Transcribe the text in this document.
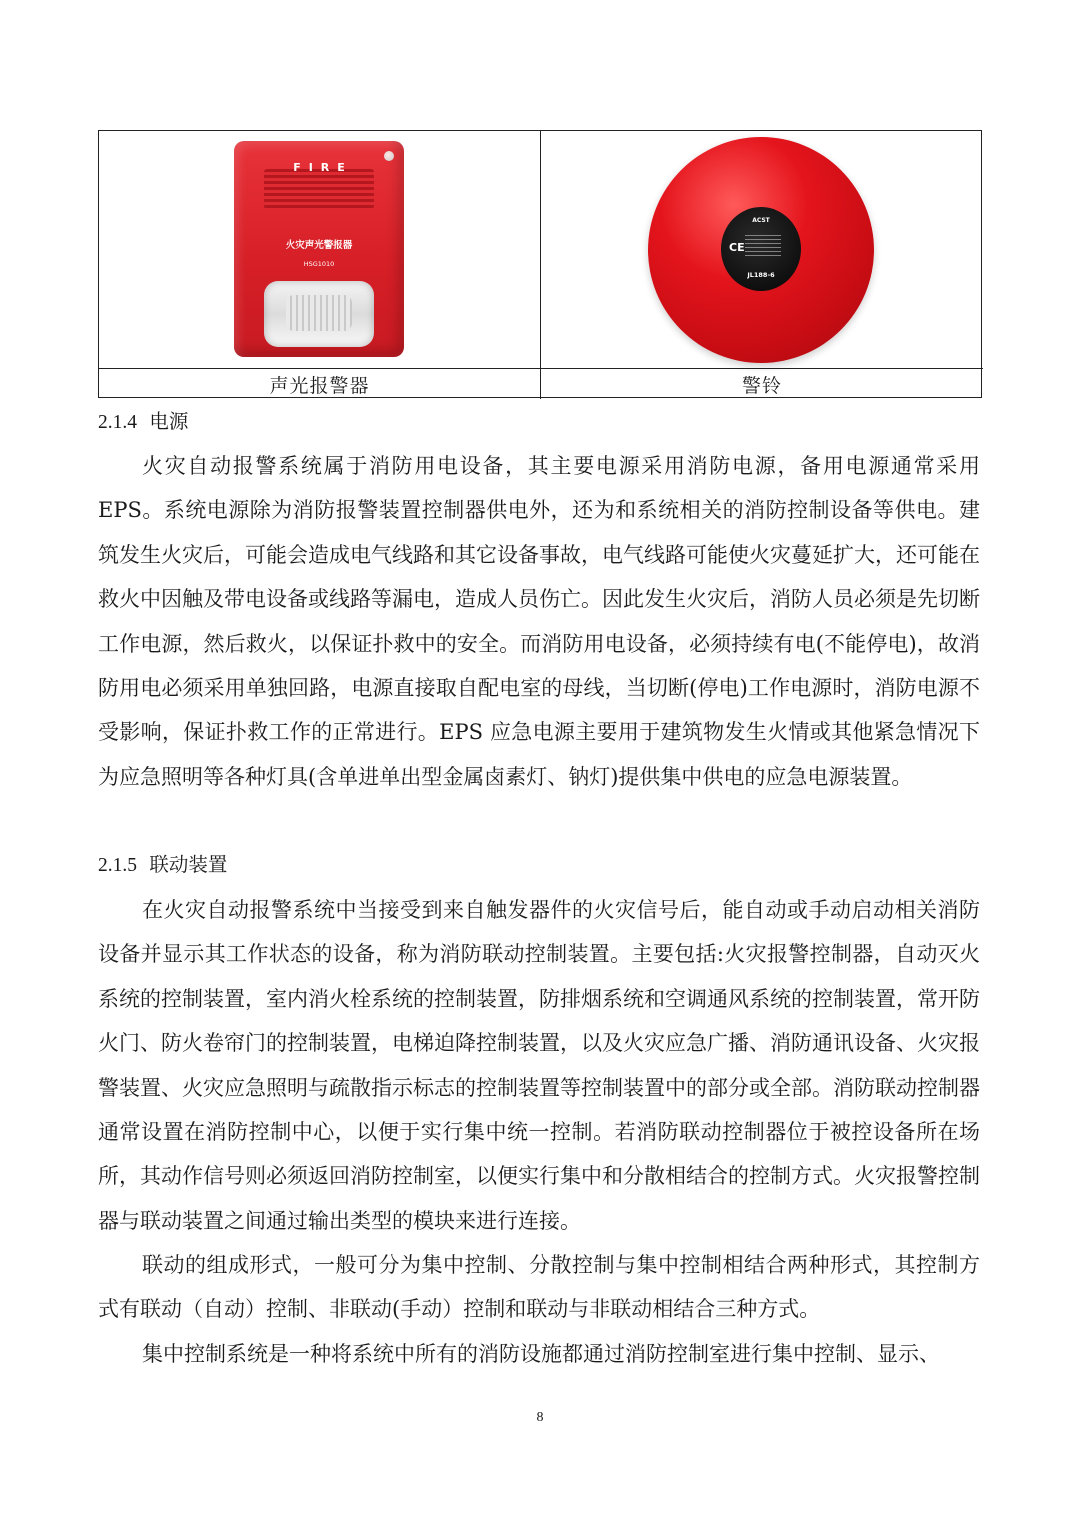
FIRE
火灾声光警报器
HSG1010
ACST
CE
JL188-6
声光报警器	警铃
2.1.4 电源

火灾自动报警系统属于消防用电设备，其主要电源采用消防电源，备用电源通常采用EPS。系统电源除为消防报警装置控制器供电外，还为和系统相关的消防控制设备等供电。建筑发生火灾后，可能会造成电气线路和其它设备事故，电气线路可能使火灾蔓延扩大，还可能在救火中因触及带电设备或线路等漏电，造成人员伤亡。因此发生火灾后，消防人员必须是先切断工作电源，然后救火，以保证扑救中的安全。而消防用电设备，必须持续有电(不能停电)，故消防用电必须采用单独回路，电源直接取自配电室的母线，当切断(停电)工作电源时，消防电源不受影响，保证扑救工作的正常进行。EPS 应急电源主要用于建筑物发生火情或其他紧急情况下为应急照明等各种灯具(含单进单出型金属卤素灯、钠灯)提供集中供电的应急电源装置。

2.1.5 联动装置

在火灾自动报警系统中当接受到来自触发器件的火灾信号后，能自动或手动启动相关消防设备并显示其工作状态的设备，称为消防联动控制装置。主要包括:火灾报警控制器，自动灭火系统的控制装置，室内消火栓系统的控制装置，防排烟系统和空调通风系统的控制装置，常开防火门、防火卷帘门的控制装置，电梯迫降控制装置，以及火灾应急广播、消防通讯设备、火灾报警装置、火灾应急照明与疏散指示标志的控制装置等控制装置中的部分或全部。消防联动控制器通常设置在消防控制中心，以便于实行集中统一控制。若消防联动控制器位于被控设备所在场所，其动作信号则必须返回消防控制室，以便实行集中和分散相结合的控制方式。火灾报警控制器与联动装置之间通过输出类型的模块来进行连接。

联动的组成形式，一般可分为集中控制、分散控制与集中控制相结合两种形式，其控制方式有联动（自动）控制、非联动(手动）控制和联动与非联动相结合三种方式。

集中控制系统是一种将系统中所有的消防设施都通过消防控制室进行集中控制、显示、

8
